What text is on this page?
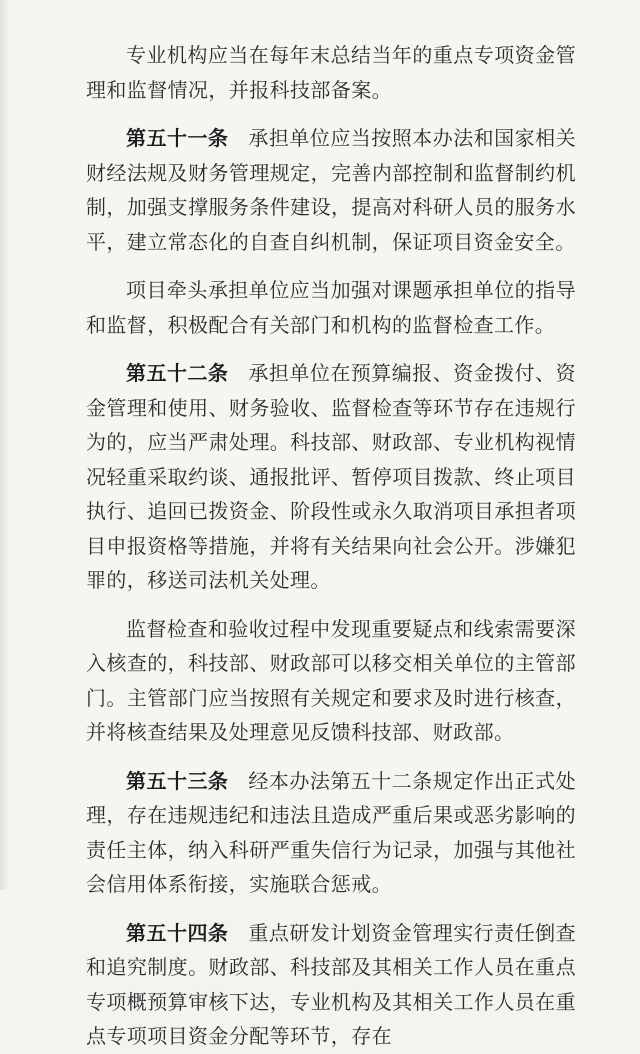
专业机构应当在每年末总结当年的重点专项资金管理和监督情况，并报科技部备案。

第五十一条 承担单位应当按照本办法和国家相关财经法规及财务管理规定，完善内部控制和监督制约机制，加强支撑服务条件建设，提高对科研人员的服务水平，建立常态化的自查自纠机制，保证项目资金安全。

项目牵头承担单位应当加强对课题承担单位的指导和监督，积极配合有关部门和机构的监督检查工作。

第五十二条 承担单位在预算编报、资金拨付、资金管理和使用、财务验收、监督检查等环节存在违规行为的，应当严肃处理。科技部、财政部、专业机构视情况轻重采取约谈、通报批评、暂停项目拨款、终止项目执行、追回已拨资金、阶段性或永久取消项目承担者项目申报资格等措施，并将有关结果向社会公开。涉嫌犯罪的，移送司法机关处理。

监督检查和验收过程中发现重要疑点和线索需要深入核查的，科技部、财政部可以移交相关单位的主管部门。主管部门应当按照有关规定和要求及时进行核查，并将核查结果及处理意见反馈科技部、财政部。

第五十三条 经本办法第五十二条规定作出正式处理，存在违规违纪和违法且造成严重后果或恶劣影响的责任主体，纳入科研严重失信行为记录，加强与其他社会信用体系衔接，实施联合惩戒。

第五十四条 重点研发计划资金管理实行责任倒查和追究制度。财政部、科技部及其相关工作人员在重点专项概预算审核下达，专业机构及其相关工作人员在重点专项项目资金分配等环节，存在
